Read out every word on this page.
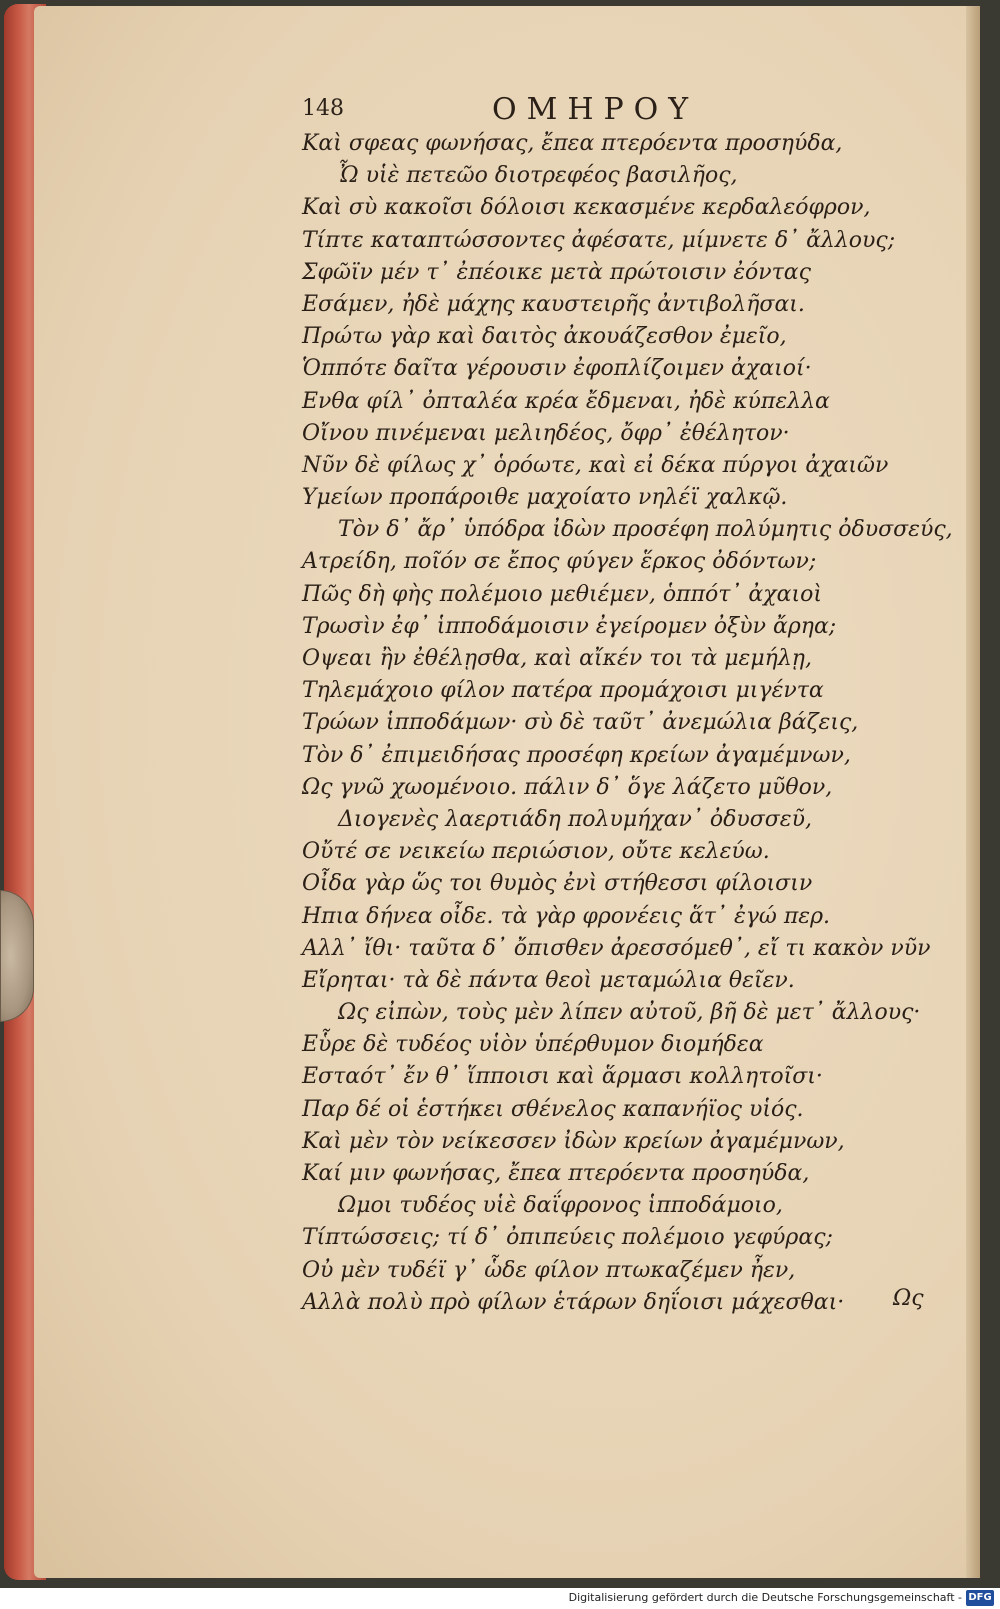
148	ΟΜΗΡΟΥ
Καὶ σφεας φωνήσας, ἔπεα πτερόεντα προσηύδα,
Ὦ υἱὲ πετεῶο διοτρεφέος βασιλῆος,
Καὶ σὺ κακοῖσι δόλοισι κεκασμένε κερδαλεόφρον,
Τίπτε καταπτώσσοντες ἀφέσατε, μίμνετε δ᾽ ἄλλους;
Σφῶϊν μέν τ᾽ ἐπέοικε μετὰ πρώτοισιν ἐόντας
Εσάμεν, ἠδὲ μάχης καυστειρῆς ἀντιβολῆσαι.
Πρώτω γὰρ καὶ δαιτὸς ἀκουάζεσθον ἐμεῖο,
Ὁππότε δαῖτα γέρουσιν ἐφοπλίζοιμεν ἀχαιοί·
Ενθα φίλ᾽ ὀπταλέα κρέα ἔδμεναι, ἠδὲ κύπελλα
Οἴνου πινέμεναι μελιηδέος, ὄφρ᾽ ἐθέλητον·
Νῦν δὲ φίλως χ᾽ ὁρόωτε, καὶ εἰ δέκα πύργοι ἀχαιῶν
Υμείων προπάροιθε μαχοίατο νηλέϊ χαλκῷ.
Τὸν δ᾽ ἄρ᾽ ὑπόδρα ἰδὼν προσέφη πολύμητις ὀδυσσεύς,
Ατρείδη, ποῖόν σε ἔπος φύγεν ἕρκος ὀδόντων;
Πῶς δὴ φὴς πολέμοιο μεθιέμεν, ὁππότ᾽ ἀχαιοὶ
Τρωσὶν ἐφ᾽ ἱπποδάμοισιν ἐγείρομεν ὀξὺν ἄρηα;
Οψεαι ἢν ἐθέλῃσθα, καὶ αἴκέν τοι τὰ μεμήλῃ,
Τηλεμάχοιο φίλον πατέρα προμάχοισι μιγέντα
Τρώων ἱπποδάμων· σὺ δὲ ταῦτ᾽ ἀνεμώλια βάζεις,
Τὸν δ᾽ ἐπιμειδήσας προσέφη κρείων ἀγαμέμνων,
Ως γνῶ χωομένοιο. πάλιν δ᾽ ὅγε λάζετο μῦθον,
Διογενὲς λαερτιάδη πολυμήχαν᾽ ὀδυσσεῦ,
Οὔτέ σε νεικείω περιώσιον, οὔτε κελεύω.
Οἶδα γὰρ ὥς τοι θυμὸς ἐνὶ στήθεσσι φίλοισιν
Ηπια δήνεα οἶδε. τὰ γὰρ φρονέεις ἅτ᾽ ἐγώ περ.
Αλλ᾽ ἴθι· ταῦτα δ᾽ ὄπισθεν ἀρεσσόμεθ᾽, εἴ τι κακὸν νῦν
Εἴρηται· τὰ δὲ πάντα θεοὶ μεταμώλια θεῖεν.
Ως εἰπὼν, τοὺς μὲν λίπεν αὐτοῦ, βῆ δὲ μετ᾽ ἄλλους·
Εὗρε δὲ τυδέος υἱὸν ὑπέρθυμον διομήδεα
Εσταότ᾽ ἔν θ᾽ ἵπποισι καὶ ἅρμασι κολλητοῖσι·
Παρ δέ οἱ ἑστήκει σθένελος καπανήϊος υἱός.
Καὶ μὲν τὸν νείκεσσεν ἰδὼν κρείων ἀγαμέμνων,
Καί μιν φωνήσας, ἔπεα πτερόεντα προσηύδα,
Ωμοι τυδέος υἱὲ δαΐφρονος ἱπποδάμοιο,
Τίπτώσσεις; τί δ᾽ ὀπιπεύεις πολέμοιο γεφύρας;
Οὐ μὲν τυδέϊ γ᾽ ὧδε φίλον πτωκαζέμεν ἦεν,
Αλλὰ πολὺ πρὸ φίλων ἑτάρων δηΐοισι μάχεσθαι·	Ως
Digitalisierung gefördert durch die Deutsche Forschungsgemeinschaft - DFG
